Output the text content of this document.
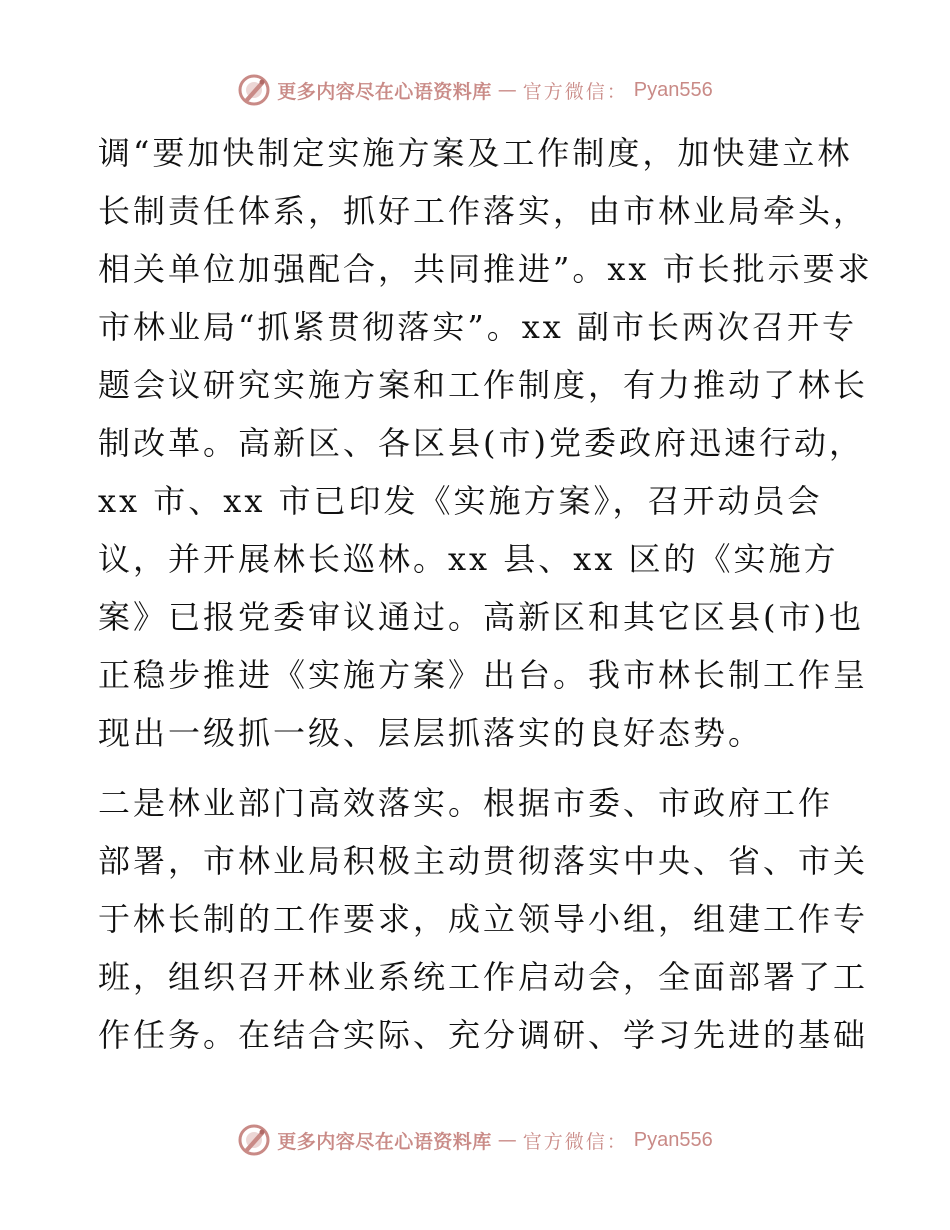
更多内容尽在心语资料库 — 官方微信： Pyan556
调“要加快制定实施方案及工作制度，加快建立林
长制责任体系，抓好工作落实，由市林业局牵头，
相关单位加强配合，共同推进”。xx 市长批示要求
市林业局“抓紧贯彻落实”。xx 副市长两次召开专
题会议研究实施方案和工作制度，有力推动了林长
制改革。高新区、各区县(市)党委政府迅速行动，
xx 市、xx 市已印发《实施方案》，召开动员会
议，并开展林长巡林。xx 县、xx 区的《实施方
案》已报党委审议通过。高新区和其它区县(市)也
正稳步推进《实施方案》出台。我市林长制工作呈
现出一级抓一级、层层抓落实的良好态势。
二是林业部门高效落实。根据市委、市政府工作
部署，市林业局积极主动贯彻落实中央、省、市关
于林长制的工作要求，成立领导小组，组建工作专
班，组织召开林业系统工作启动会，全面部署了工
作任务。在结合实际、充分调研、学习先进的基础
更多内容尽在心语资料库 — 官方微信： Pyan556
